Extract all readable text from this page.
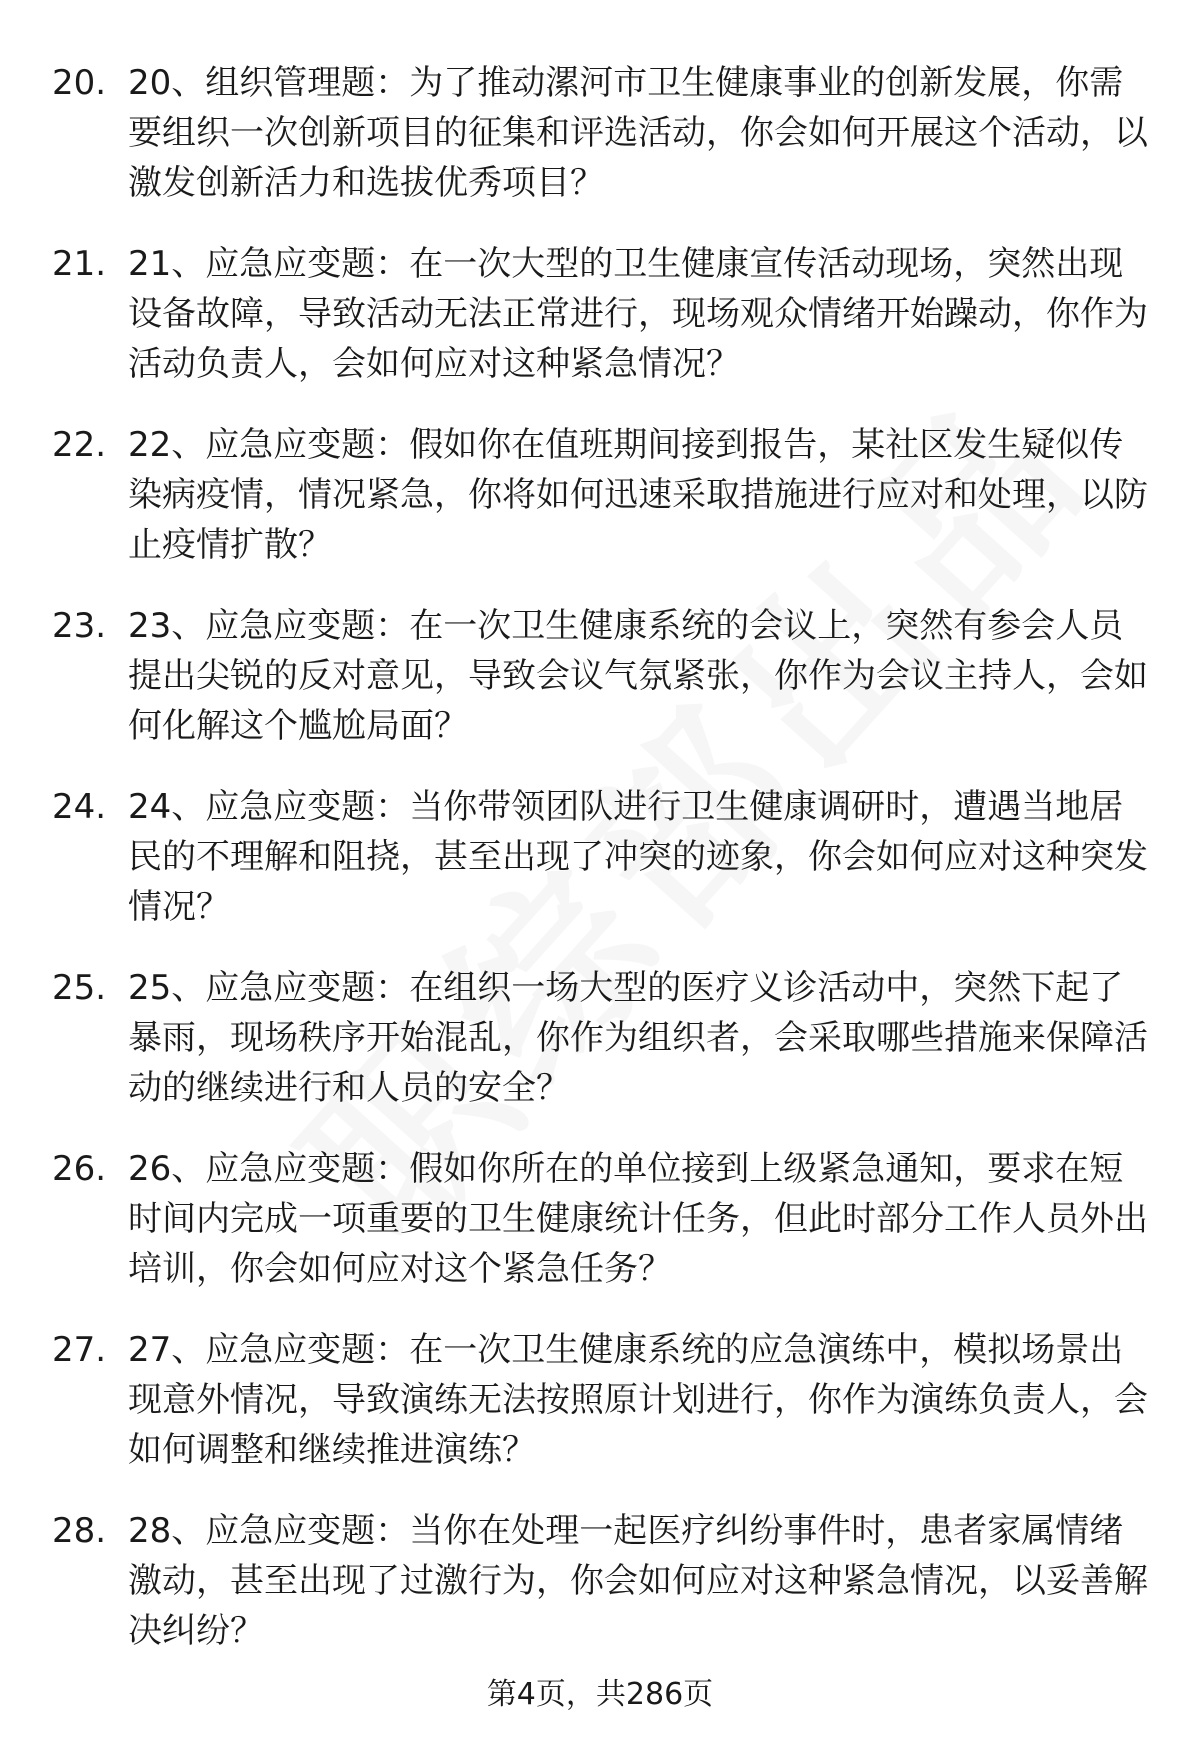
20. 20、组织管理题：为了推动漯河市卫生健康事业的创新发展，你需要组织一次创新项目的征集和评选活动，你会如何开展这个活动，以激发创新活力和选拔优秀项目？
21. 21、应急应变题：在一次大型的卫生健康宣传活动现场，突然出现设备故障，导致活动无法正常进行，现场观众情绪开始躁动，你作为活动负责人，会如何应对这种紧急情况？
22. 22、应急应变题：假如你在值班期间接到报告，某社区发生疑似传染病疫情，情况紧急，你将如何迅速采取措施进行应对和处理，以防止疫情扩散？
23. 23、应急应变题：在一次卫生健康系统的会议上，突然有参会人员提出尖锐的反对意见，导致会议气氛紧张，你作为会议主持人，会如何化解这个尴尬局面？
24. 24、应急应变题：当你带领团队进行卫生健康调研时，遭遇当地居民的不理解和阻挠，甚至出现了冲突的迹象，你会如何应对这种突发情况？
25. 25、应急应变题：在组织一场大型的医疗义诊活动中，突然下起了暴雨，现场秩序开始混乱，你作为组织者，会采取哪些措施来保障活动的继续进行和人员的安全？
26. 26、应急应变题：假如你所在的单位接到上级紧急通知，要求在短时间内完成一项重要的卫生健康统计任务，但此时部分工作人员外出培训，你会如何应对这个紧急任务？
27. 27、应急应变题：在一次卫生健康系统的应急演练中，模拟场景出现意外情况，导致演练无法按照原计划进行，你作为演练负责人，会如何调整和继续推进演练？
28. 28、应急应变题：当你在处理一起医疗纠纷事件时，患者家属情绪激动，甚至出现了过激行为，你会如何应对这种紧急情况，以妥善解决纠纷？
第4页，共286页
